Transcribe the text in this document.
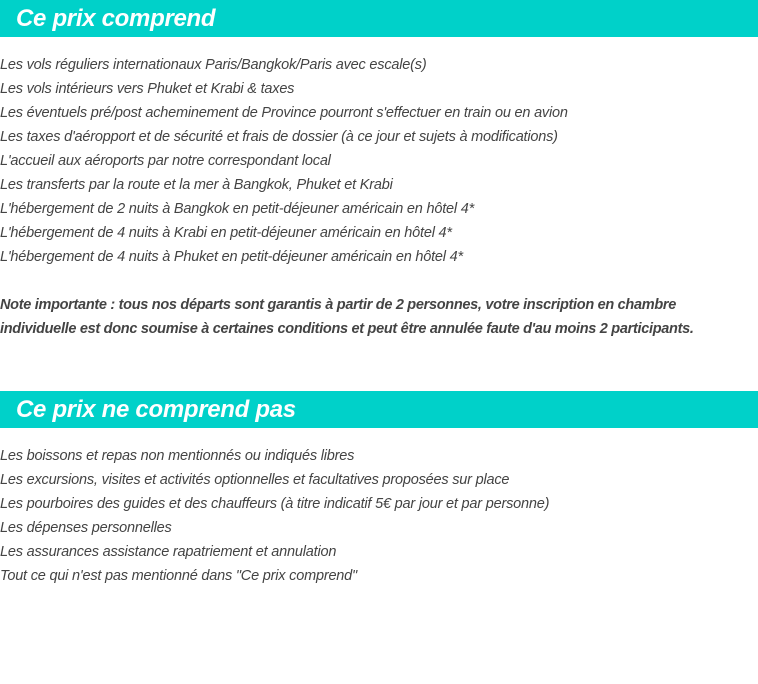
Ce prix comprend
Les vols réguliers internationaux Paris/Bangkok/Paris avec escale(s)
Les vols intérieurs vers Phuket et Krabi & taxes
Les éventuels pré/post acheminement de Province pourront s'effectuer en train ou en avion
Les taxes d'aéropport et de sécurité et frais de dossier (à ce jour et sujets à modifications)
L'accueil aux aéroports par notre correspondant local
Les transferts par la route et la mer à Bangkok, Phuket et Krabi
L'hébergement de 2 nuits à Bangkok en petit-déjeuner américain en hôtel 4*
L'hébergement de 4 nuits à Krabi en petit-déjeuner américain en hôtel 4*
L'hébergement de 4 nuits à Phuket en petit-déjeuner américain en hôtel 4*

Note importante : tous nos départs sont garantis à partir de 2 personnes, votre inscription en chambre individuelle est donc soumise à certaines conditions et peut être annulée faute d'au moins 2 participants.

Ce prix ne comprend pas
Les boissons et repas non mentionnés ou indiqués libres
Les excursions, visites et activités optionnelles et facultatives proposées sur place
Les pourboires des guides et des chauffeurs (à titre indicatif 5€ par jour et par personne)
Les dépenses personnelles
Les assurances assistance rapatriement et annulation
Tout ce qui n'est pas mentionné dans "Ce prix comprend"
